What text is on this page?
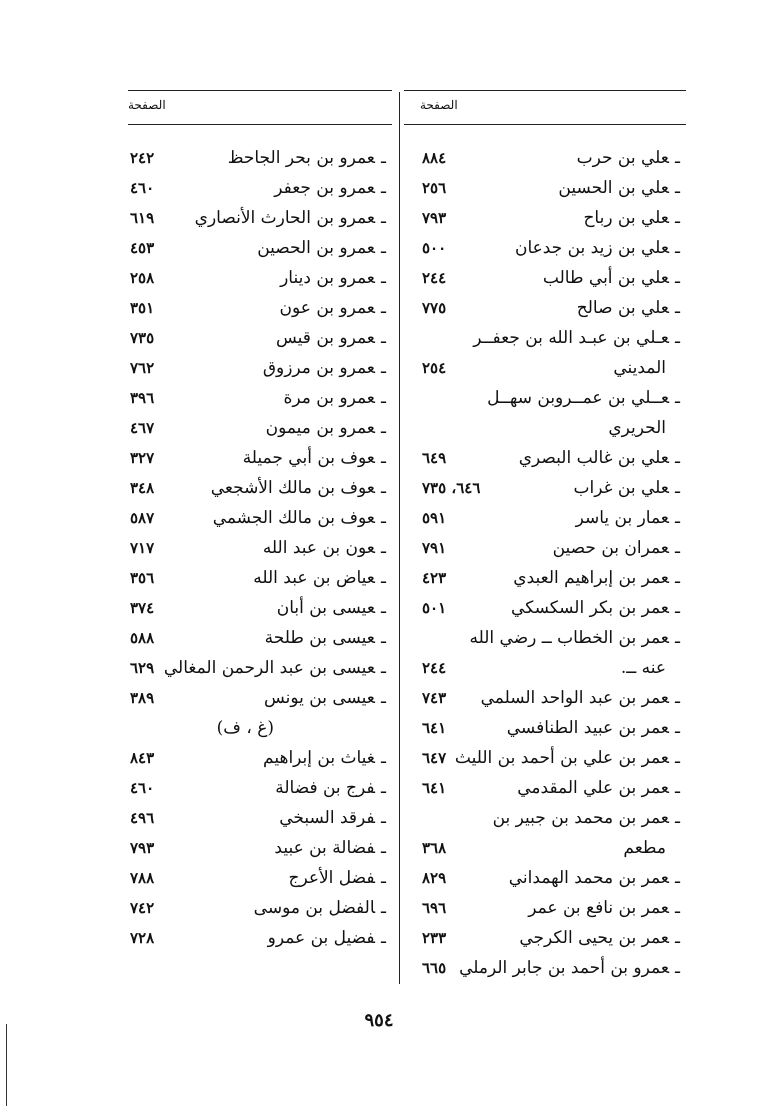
الصفحة
الصفحة
ـعلي بن حرب
٨٨٤
ـعلي بن الحسين
٢٥٦
ـعلي بن رباح
٧٩٣
ـعلي بن زيد بن جدعان
٥٠٠
ـعلي بن أبي طالب
٢٤٤
ـعلي بن صالح
٧٧٥
ـعـلي بن عبـد الله بن جعفــر
المديني
٢٥٤
ـعــلي بن عمــروبن سهــل
الحريري
ـعلي بن غالب البصري
٦٤٩
ـعلي بن غراب
٦٤٦، ٧٣٥
ـعمار بن ياسر
٥٩١
ـعمران بن حصين
٧٩١
ـعمر بن إبراهيم العبدي
٤٢٣
ـعمر بن بكر السكسكي
٥٠١
ـعمر بن الخطاب ــ رضي الله
عنه ــ.
٢٤٤
ـعمر بن عبد الواحد السلمي
٧٤٣
ـعمر بن عبيد الطنافسي
٦٤١
ـعمر بن علي بن أحمد بن الليث
٦٤٧
ـعمر بن علي المقدمي
٦٤١
ـعمر بن محمد بن جبير بن
مطعم
٣٦٨
ـعمر بن محمد الهمداني
٨٢٩
ـعمر بن نافع بن عمر
٦٩٦
ـعمر بن يحيى الكرجي
٢٣٣
ـعمرو بن أحمد بن جابر الرملي
٦٦٥
ـعمرو بن بحر الجاحظ
٢٤٢
ـعمرو بن جعفر
٤٦٠
ـعمرو بن الحارث الأنصاري
٦١٩
ـعمرو بن الحصين
٤٥٣
ـعمرو بن دينار
٢٥٨
ـعمرو بن عون
٣٥١
ـعمرو بن قيس
٧٣٥
ـعمرو بن مرزوق
٧٦٢
ـعمرو بن مرة
٣٩٦
ـعمرو بن ميمون
٤٦٧
ـعوف بن أبي جميلة
٣٢٧
ـعوف بن مالك الأشجعي
٣٤٨
ـعوف بن مالك الجشمي
٥٨٧
ـعون بن عبد الله
٧١٧
ـعياض بن عبد الله
٣٥٦
ـعيسى بن أبان
٣٧٤
ـعيسى بن طلحة
٥٨٨
ـعيسى بن عبد الرحمن المغالي
٦٢٩
ـعيسى بن يونس
٣٨٩
(غ ، ف)
ـغياث بن إبراهيم
٨٤٣
ـفرج بن فضالة
٤٦٠
ـفرقد السبخي
٤٩٦
ـفضالة بن عبيد
٧٩٣
ـفضل الأعرج
٧٨٨
ـالفضل بن موسى
٧٤٢
ـفضيل بن عمرو
٧٢٨
٩٥٤
